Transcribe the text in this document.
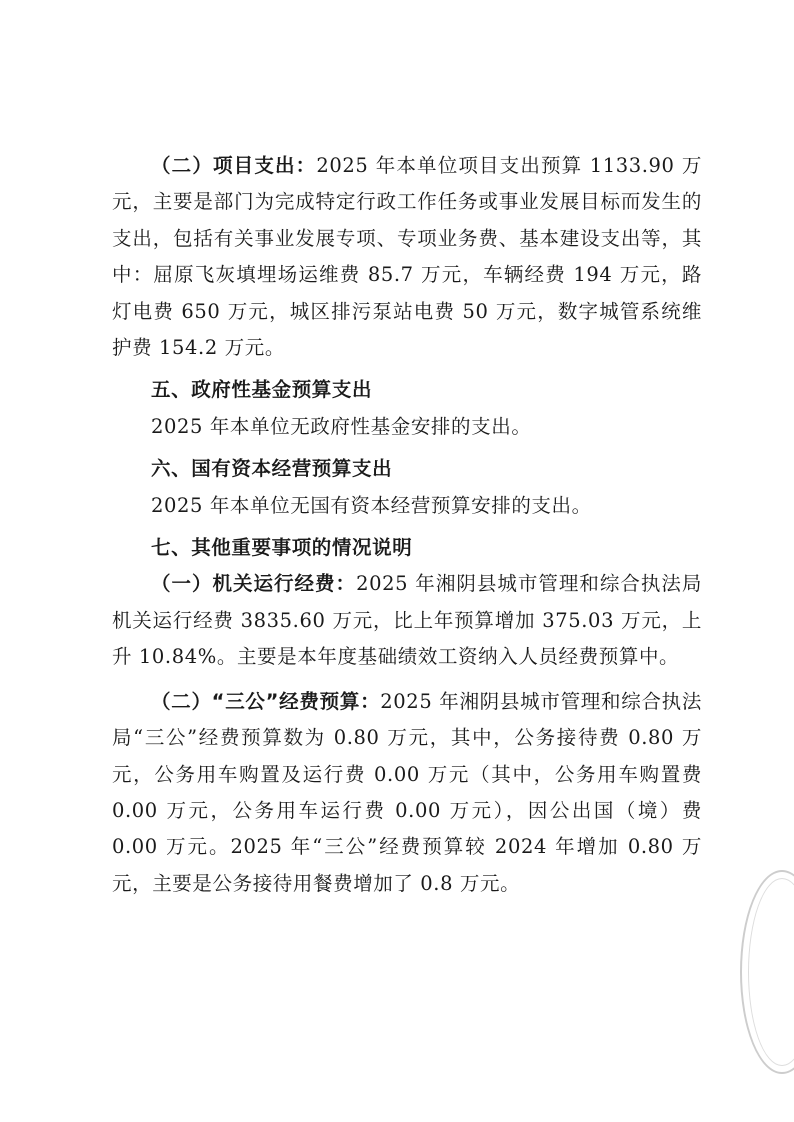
（二）项目支出：2025 年本单位项目支出预算 1133.90 万元，主要是部门为完成特定行政工作任务或事业发展目标而发生的支出，包括有关事业发展专项、专项业务费、基本建设支出等，其中：屈原飞灰填埋场运维费 85.7 万元，车辆经费 194 万元，路灯电费 650 万元，城区排污泵站电费 50 万元，数字城管系统维护费 154.2 万元。

五、政府性基金预算支出

2025 年本单位无政府性基金安排的支出。

六、国有资本经营预算支出

2025 年本单位无国有资本经营预算安排的支出。

七、其他重要事项的情况说明

（一）机关运行经费：2025 年湘阴县城市管理和综合执法局机关运行经费 3835.60 万元，比上年预算增加 375.03 万元，上升 10.84%。主要是本年度基础绩效工资纳入人员经费预算中。

（二）“三公”经费预算：2025 年湘阴县城市管理和综合执法局“三公”经费预算数为 0.80 万元，其中，公务接待费 0.80 万元，公务用车购置及运行费 0.00 万元（其中，公务用车购置费 0.00 万元，公务用车运行费 0.00 万元），因公出国（境）费 0.00 万元。2025 年“三公”经费预算较 2024 年增加 0.80 万元，主要是公务接待用餐费增加了 0.8 万元。
